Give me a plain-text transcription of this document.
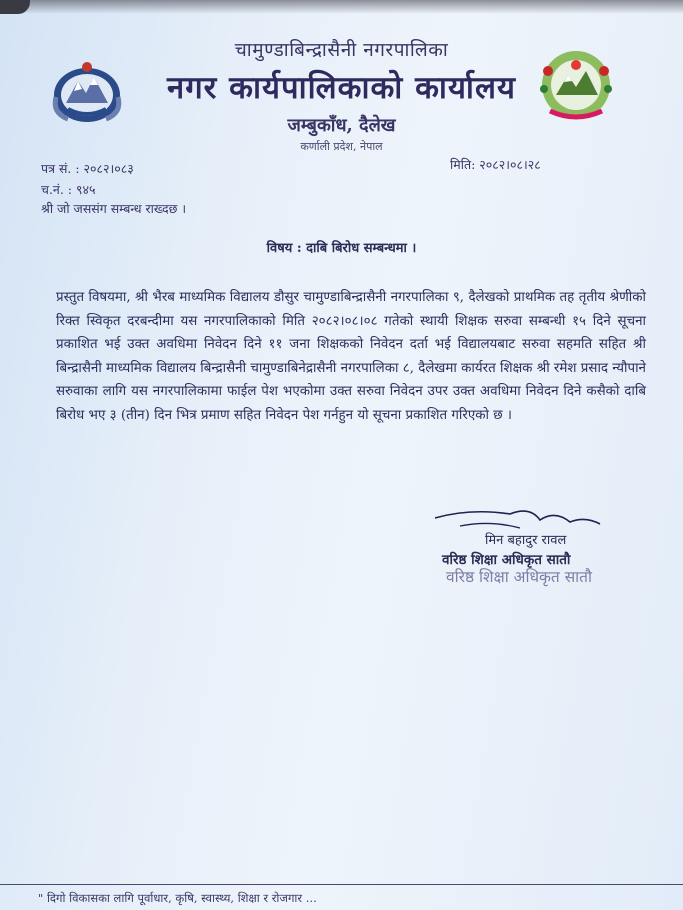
चामुण्डाबिन्द्रासैनी नगरपालिका
नगर कार्यपालिकाको कार्यालय
जम्बुकाँध, दैलेख
कर्णाली प्रदेश, नेपाल
पत्र सं. : २०८२।०८३	मिति: २०८२।०८।२८
च.नं. : ९४५
श्री जो जससंग सम्बन्ध राख्दछ ।
विषय : दाबि बिरोध सम्बन्धमा ।
प्रस्तुत विषयमा, श्री भैरब माध्यमिक विद्यालय डौसुर चामुण्डाबिन्द्रासैनी नगरपालिका ९, दैलेखको प्राथमिक तह तृतीय श्रेणीको रिक्त स्विकृत दरबन्दीमा यस नगरपालिकाको मिति २०८२।०८।०८ गतेको स्थायी शिक्षक सरुवा सम्बन्धी १५ दिने सूचना प्रकाशित भई उक्त अवधिमा निवेदन दिने ११ जना शिक्षकको निवेदन दर्ता भई विद्यालयबाट सरुवा सहमति सहित श्री बिन्द्रासैनी माध्यमिक विद्यालय बिन्द्रासैनी चामुण्डाबिनेद्रासैनी नगरपालिका ८, दैलेखमा कार्यरत शिक्षक श्री रमेश प्रसाद न्यौपाने सरुवाका लागि यस नगरपालिकामा फाईल पेश भएकोमा उक्त सरुवा निवेदन उपर उक्त अवधिमा निवेदन दिने कसैको दाबि बिरोध भए ३ (तीन) दिन भित्र प्रमाण सहित निवेदन पेश गर्नहुन यो सूचना प्रकाशित गरिएको छ ।
मिन बहादुर रावल
वरिष्ठ शिक्षा अधिकृत सातौ
वरिष्ठ शिक्षा अधिकृत सातौ
" दिगो विकासका लागि पूर्वाधार, कृषि, स्वास्थ्य, शिक्षा र रोजगार ...
